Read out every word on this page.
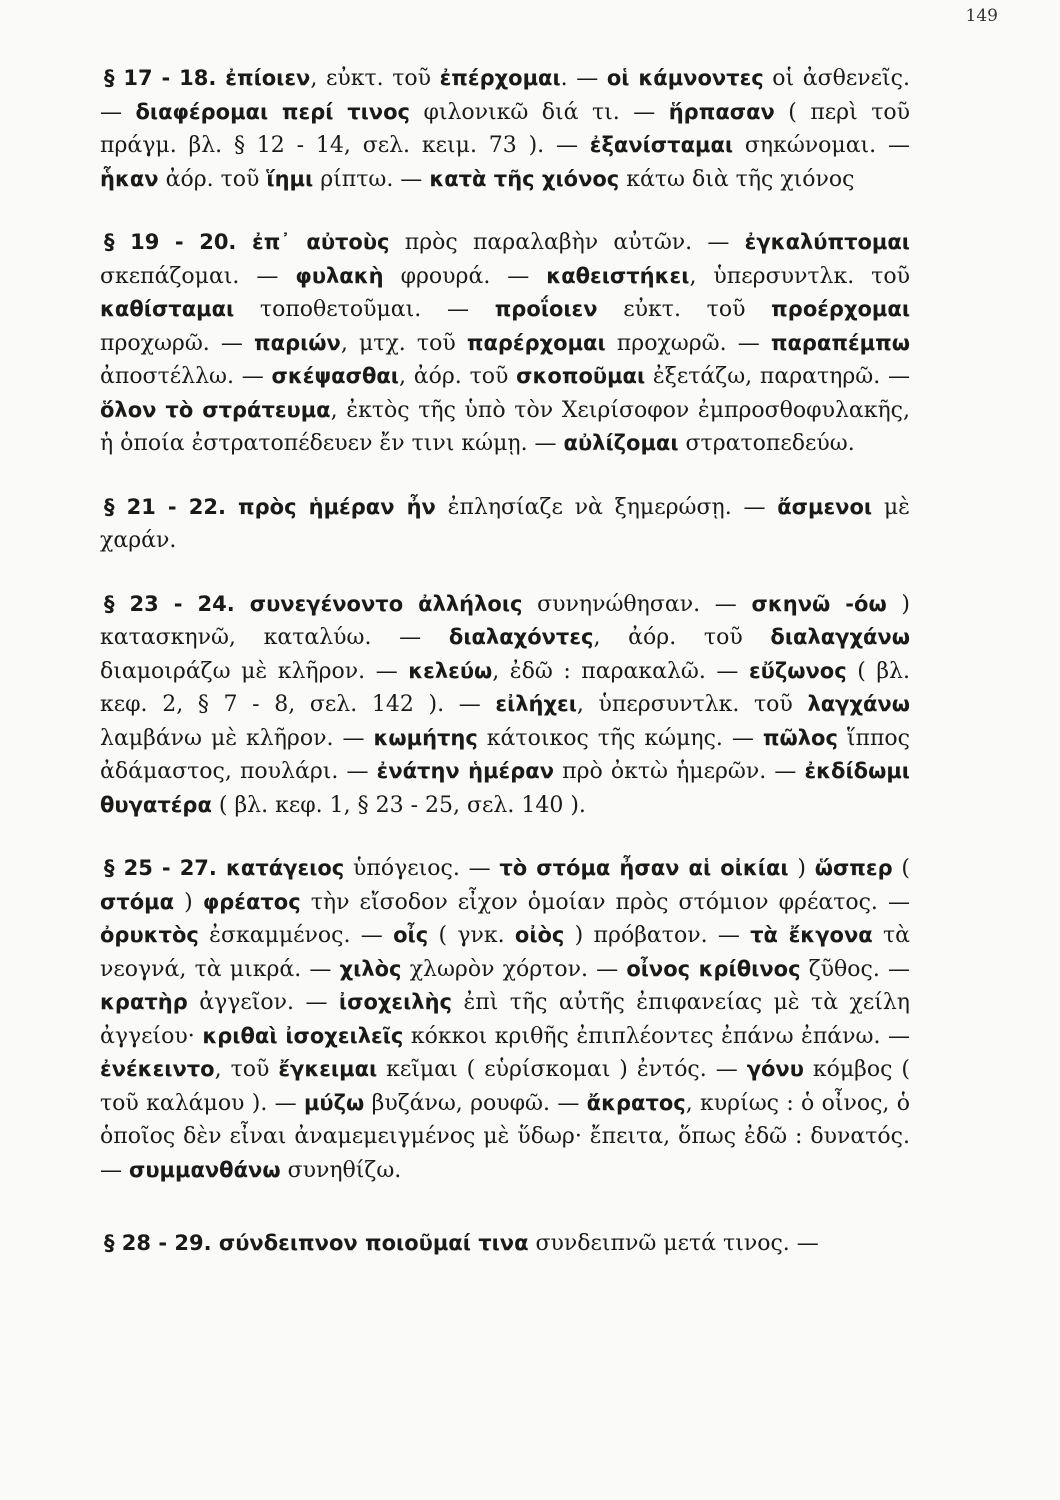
149

§ 17 - 18. ἐπίοιεν, εὐκτ. τοῦ ἐπέρχομαι. — οἱ κάμνοντες οἱ ἀσθενεῖς. — διαφέρομαι περί τινος φιλονικῶ διά τι. — ἥρπασαν ( περὶ τοῦ πράγμ. βλ. § 12 - 14, σελ. κειμ. 73 ). — ἐξανίσταμαι σηκώνομαι. — ἧκαν ἀόρ. τοῦ ἵημι ρίπτω. — κατὰ τῆς χιόνος κάτω διὰ τῆς χιόνος

§ 19 - 20. ἐπ᾽ αὐτοὺς πρὸς παραλαβὴν αὐτῶν. — ἐγκαλύπτομαι σκεπάζομαι. — φυλακὴ φρουρά. — καθειστήκει, ὑπερσυντλκ. τοῦ καθίσταμαι τοποθετοῦμαι. — προΐοιεν εὐκτ. τοῦ προέρχομαι προχωρῶ. — παριών, μτχ. τοῦ παρέρχομαι προχωρῶ. — παραπέμπω ἀποστέλλω. — σκέψασθαι, ἀόρ. τοῦ σκοποῦμαι ἐξετάζω, παρατηρῶ. — ὅλον τὸ στράτευμα, ἐκτὸς τῆς ὑπὸ τὸν Χειρίσοφον ἐμπροσθοφυλακῆς, ἡ ὁποία ἐστρατοπέδευεν ἔν τινι κώμῃ. — αὐλίζομαι στρατοπεδεύω.

§ 21 - 22. πρὸς ἡμέραν ἦν ἐπλησίαζε νὰ ξημερώσῃ. — ἄσμενοι μὲ χαράν.

§ 23 - 24. συνεγένοντο ἀλλήλοις συνηνώθησαν. — σκηνῶ -όω ) κατασκηνῶ, καταλύω. — διαλαχόντες, ἀόρ. τοῦ διαλαγχάνω διαμοιράζω μὲ κλῆρον. — κελεύω, ἐδῶ : παρακαλῶ. — εὔζωνος ( βλ. κεφ. 2, § 7 - 8, σελ. 142 ). — εἰλήχει, ὑπερσυντλκ. τοῦ λαγχάνω λαμβάνω μὲ κλῆρον. — κωμήτης κάτοικος τῆς κώμης. — πῶλος ἵππος ἀδάμαστος, πουλάρι. — ἐνάτην ἡμέραν πρὸ ὀκτὼ ἡμερῶν. — ἐκδίδωμι θυγατέρα ( βλ. κεφ. 1, § 23 - 25, σελ. 140 ).

§ 25 - 27. κατάγειος ὑπόγειος. — τὸ στόμα ἦσαν αἱ οἰκίαι ) ὥσπερ ( στόμα ) φρέατος τὴν εἴσοδον εἶχον ὁμοίαν πρὸς στόμιον φρέατος. — ὀρυκτὸς ἐσκαμμένος. — οἶς ( γνκ. οἰὸς ) πρόβατον. — τὰ ἔκγονα τὰ νεογνά, τὰ μικρά. — χιλὸς χλωρὸν χόρτον. — οἶνος κρίθινος ζῦθος. — κρατὴρ ἀγγεῖον. — ἰσοχειλὴς ἐπὶ τῆς αὐτῆς ἐπιφανείας μὲ τὰ χείλη ἀγγείου· κριθαὶ ἰσοχειλεῖς κόκκοι κριθῆς ἐπιπλέοντες ἐπάνω ἐπάνω. — ἐνέκειντο, τοῦ ἔγκειμαι κεῖμαι ( εὑρίσκομαι ) ἐντός. — γόνυ κόμβος ( τοῦ καλάμου ). — μύζω βυζάνω, ρουφῶ. — ἄκρατος, κυρίως : ὁ οἶνος, ὁ ὁποῖος δὲν εἶναι ἀναμεμειγμένος μὲ ὕδωρ· ἔπειτα, ὅπως ἐδῶ : δυνατός. — συμμανθάνω συνηθίζω.

§ 28 - 29. σύνδειπνον ποιοῦμαί τινα συνδειπνῶ μετά τινος. —
